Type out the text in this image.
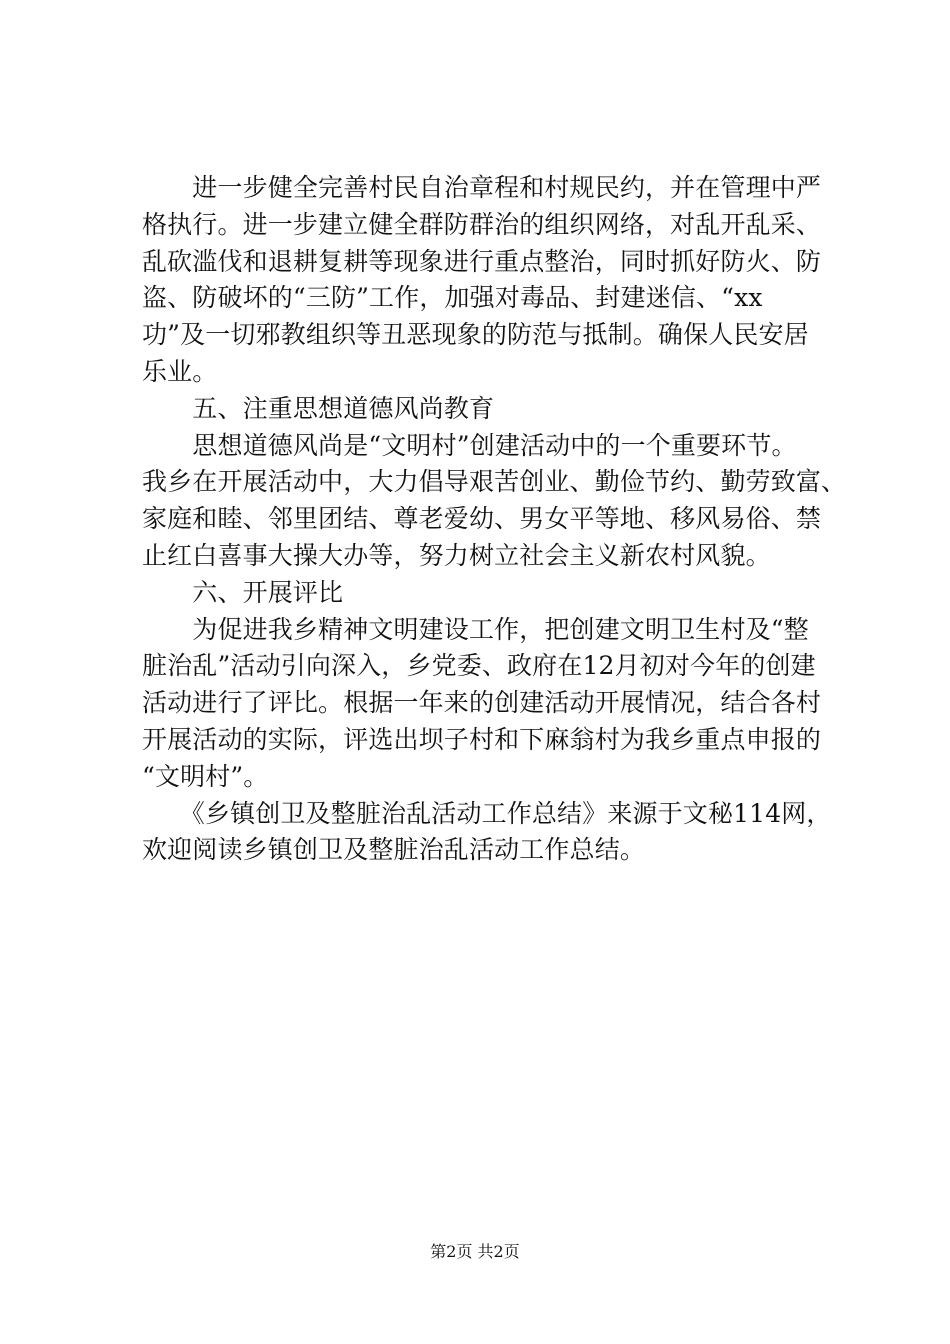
　　进一步健全完善村民自治章程和村规民约，并在管理中严
格执行。进一步建立健全群防群治的组织网络，对乱开乱采、
乱砍滥伐和退耕复耕等现象进行重点整治，同时抓好防火、防
盗、防破坏的“三防”工作，加强对毒品、封建迷信、“xx
功”及一切邪教组织等丑恶现象的防范与抵制。确保人民安居
乐业。
　　五、注重思想道德风尚教育
　　思想道德风尚是“文明村”创建活动中的一个重要环节。
我乡在开展活动中，大力倡导艰苦创业、勤俭节约、勤劳致富、
家庭和睦、邻里团结、尊老爱幼、男女平等地、移风易俗、禁
止红白喜事大操大办等，努力树立社会主义新农村风貌。
　　六、开展评比
　　为促进我乡精神文明建设工作，把创建文明卫生村及“整
脏治乱”活动引向深入，乡党委、政府在12月初对今年的创建
活动进行了评比。根据一年来的创建活动开展情况，结合各村
开展活动的实际，评选出坝子村和下麻翁村为我乡重点申报的
“文明村”。
　　《乡镇创卫及整脏治乱活动工作总结》来源于文秘114网，
欢迎阅读乡镇创卫及整脏治乱活动工作总结。
第2页 共2页
